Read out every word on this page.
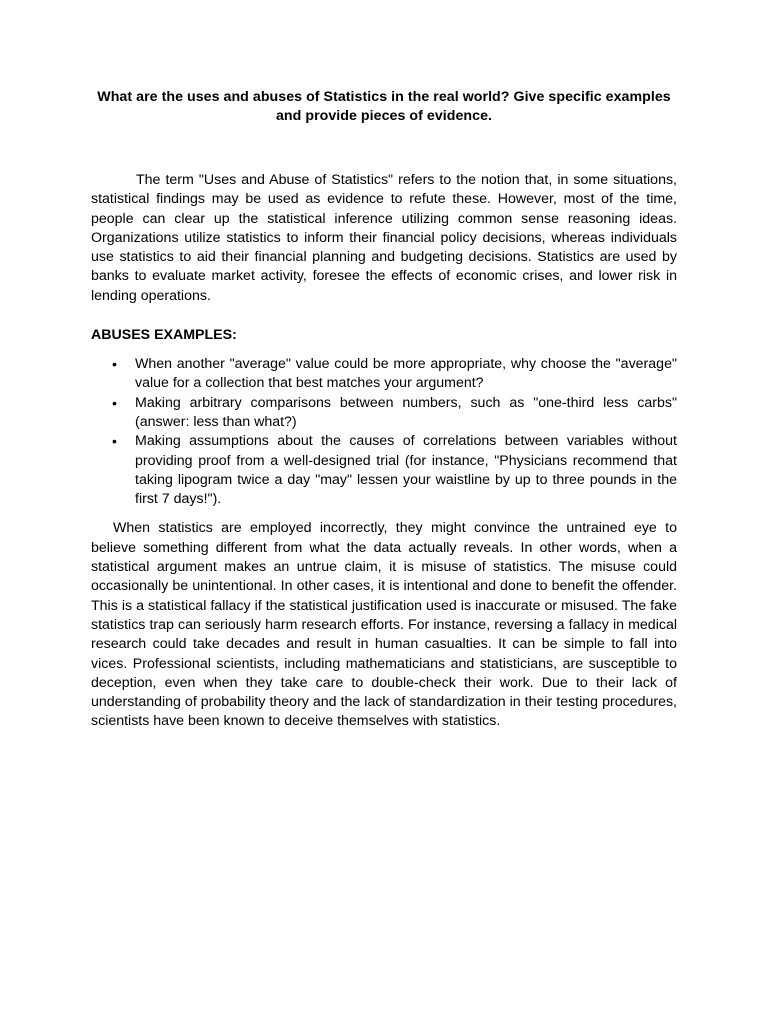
What are the uses and abuses of Statistics in the real world? Give specific examples and provide pieces of evidence.

The term "Uses and Abuse of Statistics" refers to the notion that, in some situations, statistical findings may be used as evidence to refute these. However, most of the time, people can clear up the statistical inference utilizing common sense reasoning ideas. Organizations utilize statistics to inform their financial policy decisions, whereas individuals use statistics to aid their financial planning and budgeting decisions. Statistics are used by banks to evaluate market activity, foresee the effects of economic crises, and lower risk in lending operations.

ABUSES EXAMPLES:
• When another "average" value could be more appropriate, why choose the "average" value for a collection that best matches your argument?
• Making arbitrary comparisons between numbers, such as "one-third less carbs" (answer: less than what?)
• Making assumptions about the causes of correlations between variables without providing proof from a well-designed trial (for instance, "Physicians recommend that taking lipogram twice a day "may" lessen your waistline by up to three pounds in the first 7 days!").

When statistics are employed incorrectly, they might convince the untrained eye to believe something different from what the data actually reveals. In other words, when a statistical argument makes an untrue claim, it is misuse of statistics. The misuse could occasionally be unintentional. In other cases, it is intentional and done to benefit the offender. This is a statistical fallacy if the statistical justification used is inaccurate or misused. The fake statistics trap can seriously harm research efforts. For instance, reversing a fallacy in medical research could take decades and result in human casualties. It can be simple to fall into vices. Professional scientists, including mathematicians and statisticians, are susceptible to deception, even when they take care to double-check their work. Due to their lack of understanding of probability theory and the lack of standardization in their testing procedures, scientists have been known to deceive themselves with statistics.
